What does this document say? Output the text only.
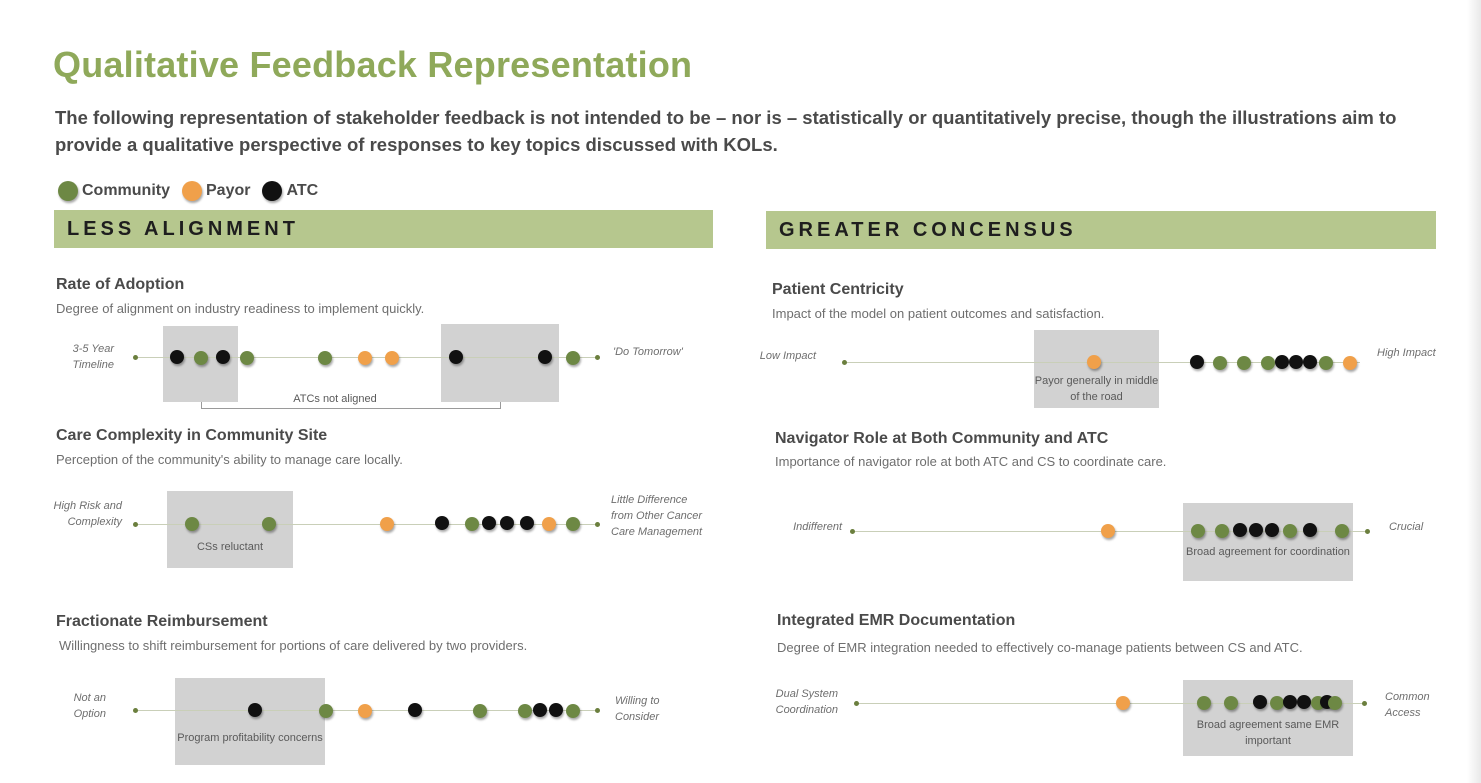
Qualitative Feedback Representation
The following representation of stakeholder feedback is not intended to be – nor is – statistically or quantitatively precise, though the illustrations aim to provide a qualitative perspective of responses to key topics discussed with KOLs.
Community Payor ATC
LESS ALIGNMENT	GREATER CONCENSUS
Rate of Adoption
Degree of alignment on industry readiness to implement quickly.
3-5 Year Timeline
'Do Tomorrow'
ATCs not aligned
Care Complexity in Community Site
Perception of the community's ability to manage care locally.
CSs reluctant
High Risk and Complexity
Little Difference from Other Cancer Care Management
Fractionate Reimbursement
Willingness to shift reimbursement for portions of care delivered by two providers.
Program profitability concerns
Not an Option
Willing to Consider
Patient Centricity
Impact of the model on patient outcomes and satisfaction.
Payor generally in middle of the road
Low Impact	High Impact
Navigator Role at Both Community and ATC
Importance of navigator role at both ATC and CS to coordinate care.
Broad agreement for coordination
Indifferent	Crucial
Integrated EMR Documentation
Degree of EMR integration needed to effectively co-manage patients between CS and ATC.
Broad agreement same EMR important
Dual System Coordination
Common Access
